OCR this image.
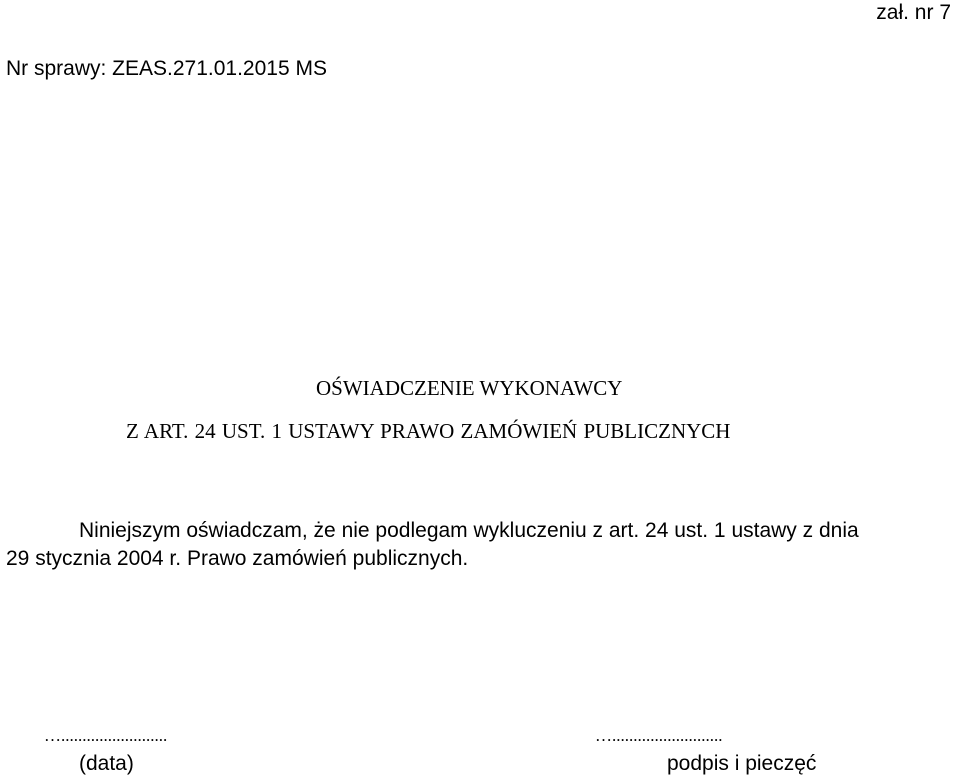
zał. nr 7
Nr sprawy: ZEAS.271.01.2015 MS
OŚWIADCZENIE WYKONAWCY
Z ART. 24 UST. 1 USTAWY PRAWO ZAMÓWIEŃ PUBLICZNYCH
Niniejszym oświadczam, że nie podlegam wykluczeniu z art. 24 ust. 1 ustawy z dnia
29 stycznia 2004 r. Prawo zamówień publicznych.
….........................	…..........................
(data)	podpis i pieczęć
